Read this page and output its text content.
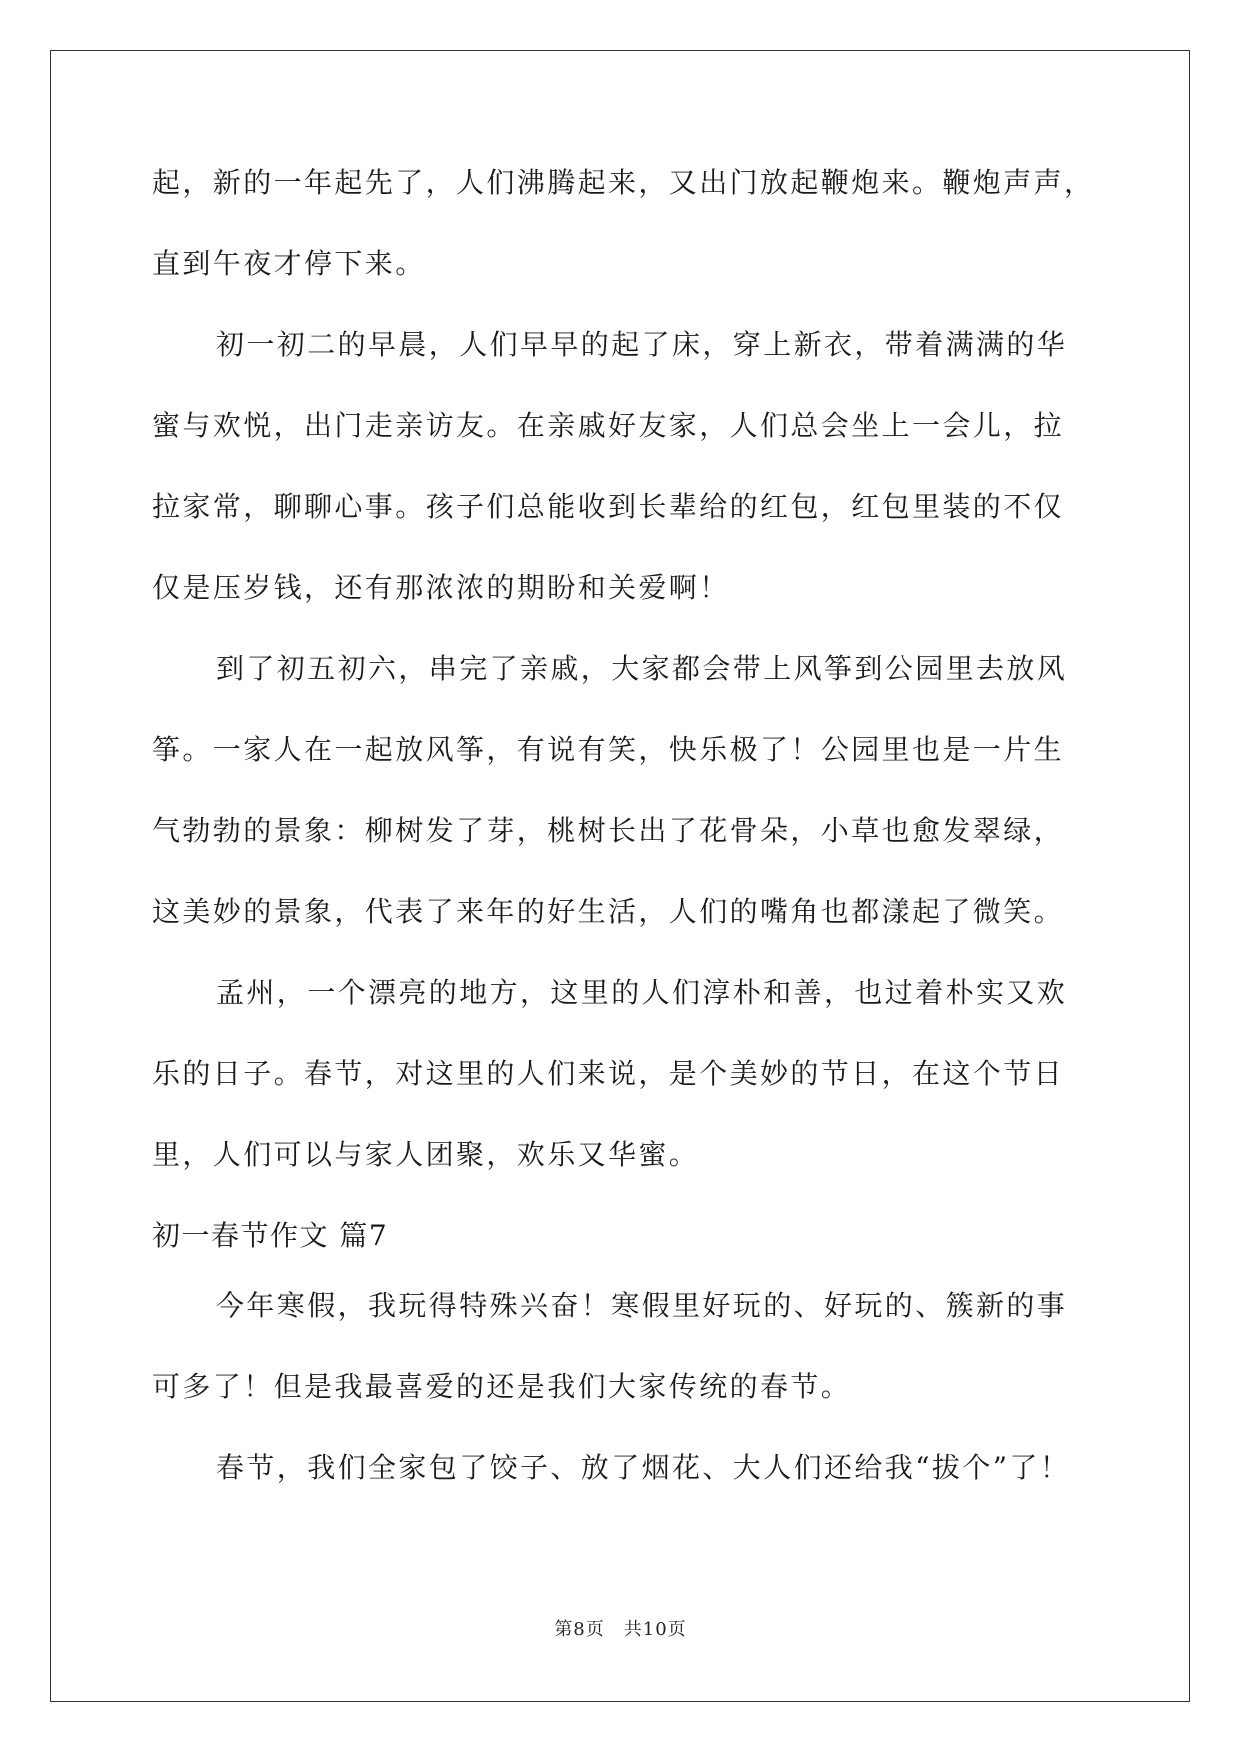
起，新的一年起先了，人们沸腾起来，又出门放起鞭炮来。鞭炮声声，
直到午夜才停下来。
初一初二的早晨，人们早早的起了床，穿上新衣，带着满满的华
蜜与欢悦，出门走亲访友。在亲戚好友家，人们总会坐上一会儿，拉
拉家常，聊聊心事。孩子们总能收到长辈给的红包，红包里装的不仅
仅是压岁钱，还有那浓浓的期盼和关爱啊！
到了初五初六，串完了亲戚，大家都会带上风筝到公园里去放风
筝。一家人在一起放风筝，有说有笑，快乐极了！公园里也是一片生
气勃勃的景象：柳树发了芽，桃树长出了花骨朵，小草也愈发翠绿，
这美妙的景象，代表了来年的好生活，人们的嘴角也都漾起了微笑。
孟州，一个漂亮的地方，这里的人们淳朴和善，也过着朴实又欢
乐的日子。春节，对这里的人们来说，是个美妙的节日，在这个节日
里，人们可以与家人团聚，欢乐又华蜜。
初一春节作文 篇7
今年寒假，我玩得特殊兴奋！寒假里好玩的、好玩的、簇新的事
可多了！但是我最喜爱的还是我们大家传统的春节。
春节，我们全家包了饺子、放了烟花、大人们还给我“拔个”了！
第8页　共10页
